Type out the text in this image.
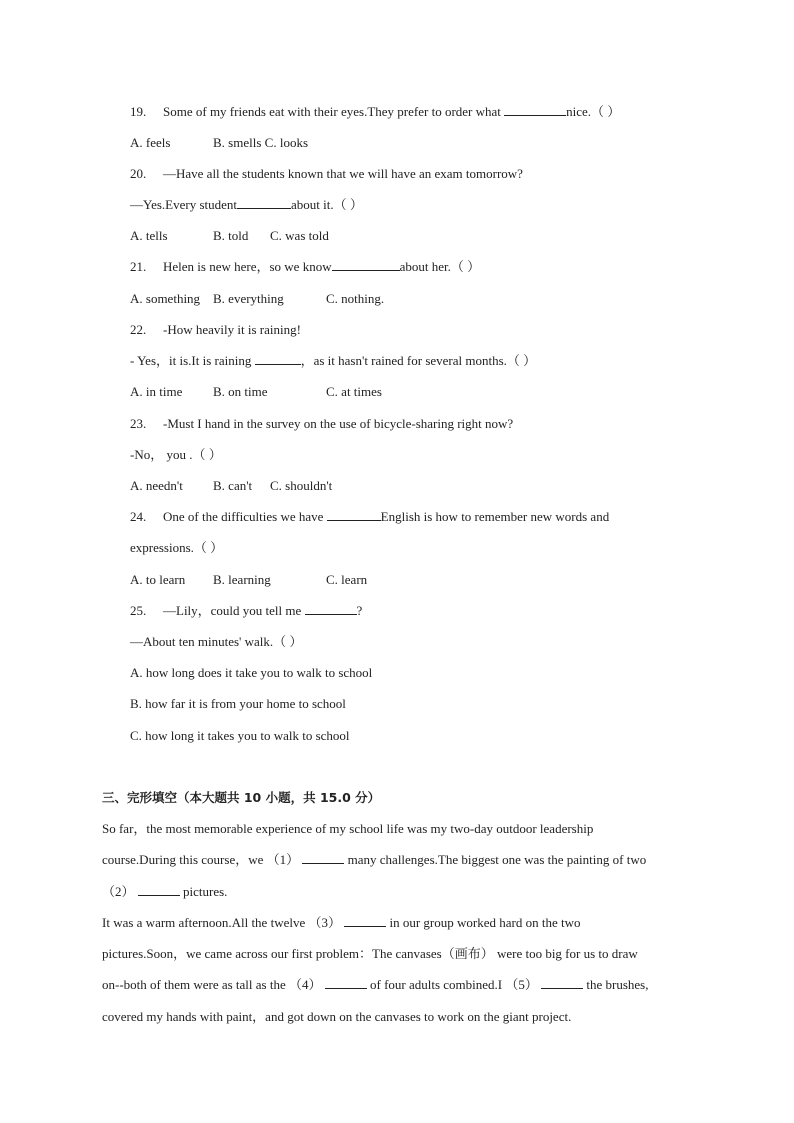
19. Some of my friends eat with their eyes.They prefer to order what	nice.（ ）
A. feels	B. smells C. looks
20. —Have all the students known that we will have an exam tomorrow?
—Yes.Every student	about it.（ ）
A. tells	B. told C. was told
21. Helen is new here，so we know	about her.（ ）
A. something B. everything	C. nothing.
22. -How heavily it is raining!
- Yes，it is.It is raining	，as it hasn't rained for several months.（ ）
A. in time B. on time	C. at times
23. -Must I hand in the survey on the use of bicycle-sharing right now?
-No， you .（ ）
A. needn't B. can't C. shouldn't
24. One of the difficulties we have	English is how to remember new words and
expressions.（ ）
A. to learn B. learning	C. learn
25. —Lily，could you tell me	?
—About ten minutes' walk.（ ）
A. how long does it take you to walk to school
B. how far it is from your home to school
C. how long it takes you to walk to school
三、完形填空（本大题共 10 小题，共 15.0 分）
So far，the most memorable experience of my school life was my two-day outdoor leadership
course.During this course，we （1）	many challenges.The biggest one was the painting of two
（2）	pictures.
It was a warm afternoon.All the twelve （3）	in our group worked hard on the two
pictures.Soon，we came across our first problem：The canvases（画布） were too big for us to draw
on--both of them were as tall as the （4）	of four adults combined.I （5）	the brushes,
covered my hands with paint，and got down on the canvases to work on the giant project.
